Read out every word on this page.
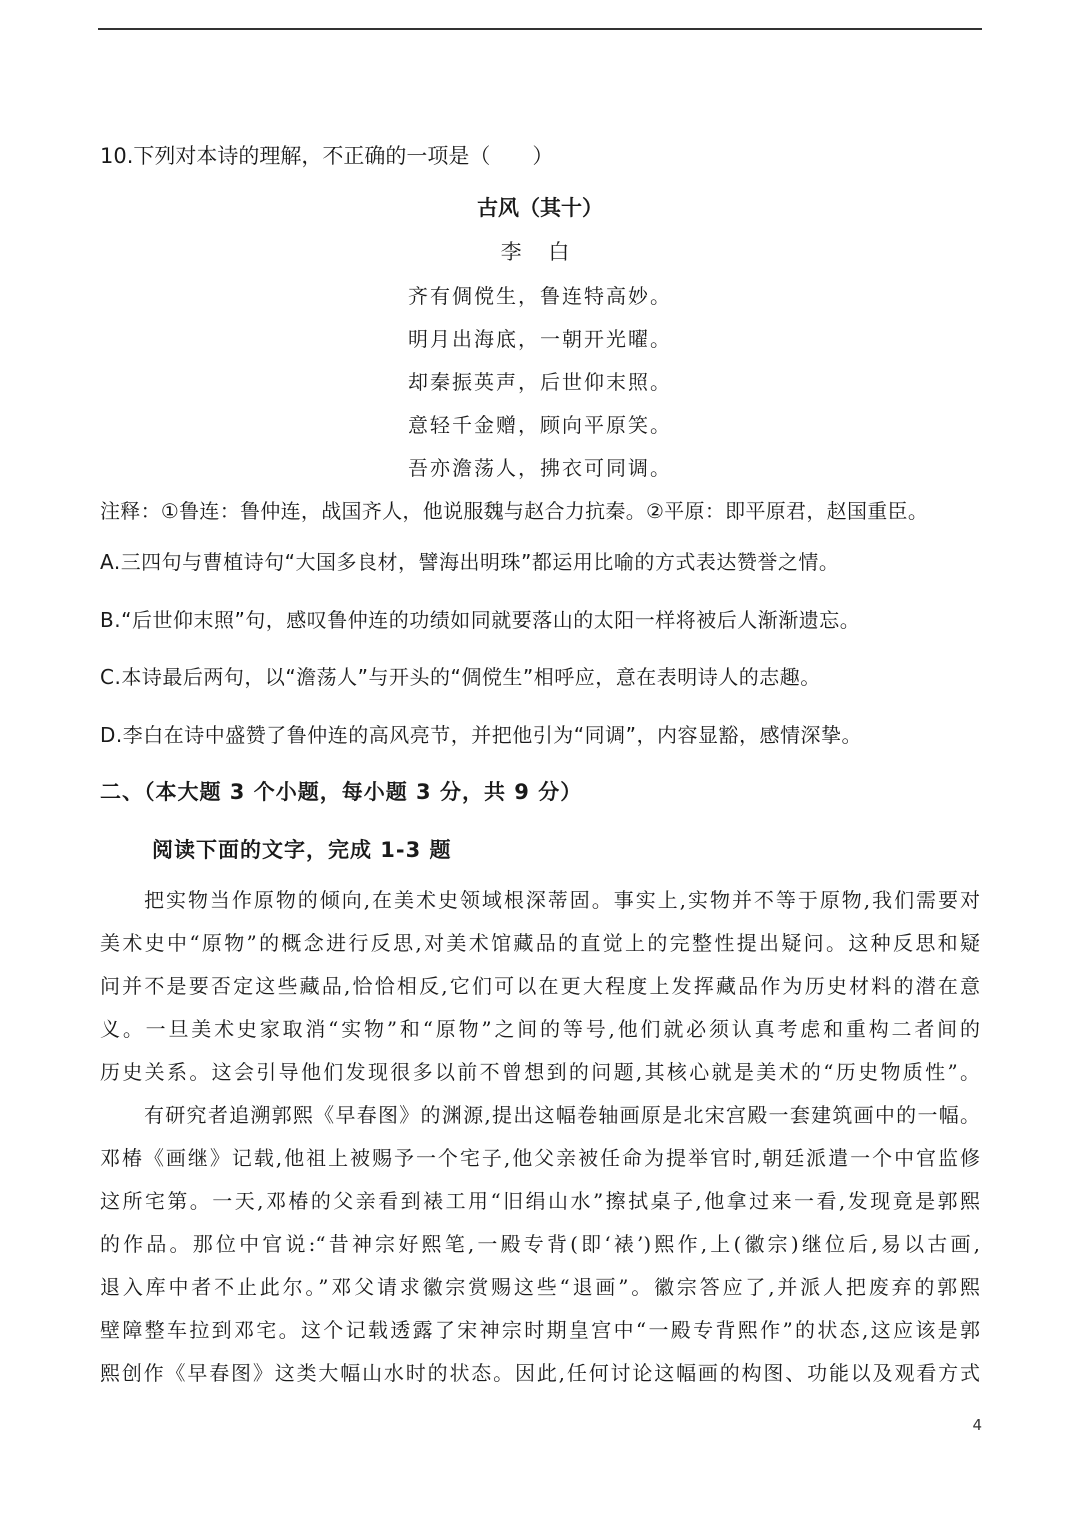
10.下列对本诗的理解，不正确的一项是（　　）

古风（其十）

李 白

齐有倜傥生，鲁连特高妙。

明月出海底，一朝开光曜。

却秦振英声，后世仰末照。

意轻千金赠，顾向平原笑。

吾亦澹荡人，拂衣可同调。

注释：①鲁连：鲁仲连，战国齐人，他说服魏与赵合力抗秦。②平原：即平原君，赵国重臣。

A.三四句与曹植诗句“大国多良材，譬海出明珠”都运用比喻的方式表达赞誉之情。

B.“后世仰末照”句，感叹鲁仲连的功绩如同就要落山的太阳一样将被后人渐渐遗忘。

C.本诗最后两句，以“澹荡人”与开头的“倜傥生”相呼应，意在表明诗人的志趣。

D.李白在诗中盛赞了鲁仲连的高风亮节，并把他引为“同调”，内容显豁，感情深挚。

二、（本大题 3 个小题，每小题 3 分，共 9 分）

阅读下面的文字，完成 1-3 题

把实物当作原物的倾向,在美术史领域根深蒂固。事实上,实物并不等于原物,我们需要对

美术史中“原物”的概念进行反思,对美术馆藏品的直觉上的完整性提出疑问。这种反思和疑

问并不是要否定这些藏品,恰恰相反,它们可以在更大程度上发挥藏品作为历史材料的潜在意

义。一旦美术史家取消“实物”和“原物”之间的等号,他们就必须认真考虑和重构二者间的

历史关系。这会引导他们发现很多以前不曾想到的问题,其核心就是美术的“历史物质性”。

有研究者追溯郭熙《早春图》的渊源,提出这幅卷轴画原是北宋宫殿一套建筑画中的一幅。

邓椿《画继》记载,他祖上被赐予一个宅子,他父亲被任命为提举官时,朝廷派遣一个中官监修

这所宅第。一天,邓椿的父亲看到裱工用“旧绢山水”擦拭桌子,他拿过来一看,发现竟是郭熙

的作品。那位中官说:“昔神宗好熙笔,一殿专背(即‘裱’)熙作,上(徽宗)继位后,易以古画,

退入库中者不止此尔。”邓父请求徽宗赏赐这些“退画”。徽宗答应了,并派人把废弃的郭熙

壁障整车拉到邓宅。这个记载透露了宋神宗时期皇宫中“一殿专背熙作”的状态,这应该是郭

熙创作《早春图》这类大幅山水时的状态。因此,任何讨论这幅画的构图、功能以及观看方式

4
